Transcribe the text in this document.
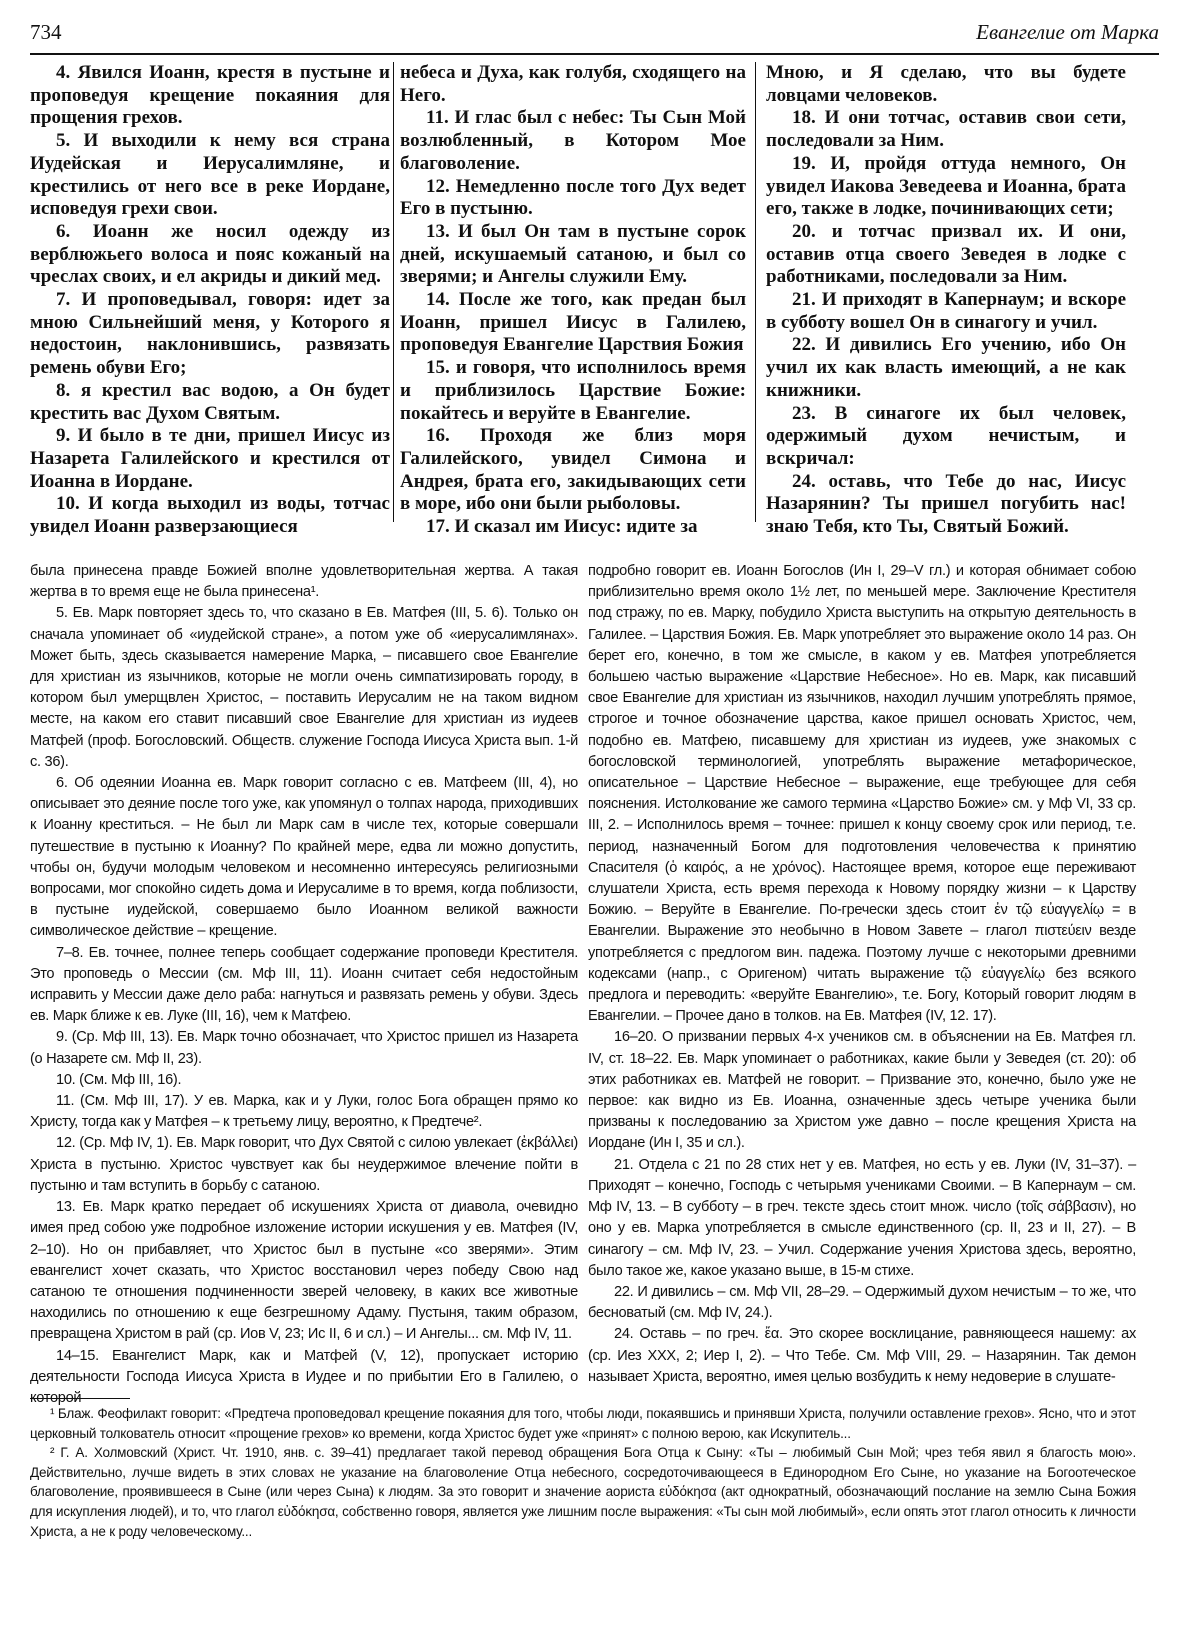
734	Евангелие от Марка

4. Явился Иоанн, крестя в пустыне и проповедуя крещение покаяния для прощения грехов.

5. И выходили к нему вся страна Иудейская и Иерусалимляне, и крестились от него все в реке Иордане, исповедуя грехи свои.

6. Иоанн же носил одежду из верблюжьего волоса и пояс кожаный на чреслах своих, и ел акриды и дикий мед.

7. И проповедывал, говоря: идет за мною Сильнейший меня, у Которого я недостоин, наклонившись, развязать ремень обуви Его;

8. я крестил вас водою, а Он будет крестить вас Духом Святым.

9. И было в те дни, пришел Иисус из Назарета Галилейского и крестился от Иоанна в Иордане.

10. И когда выходил из воды, тотчас увидел Иоанн разверзающиеся

небеса и Духа, как голубя, сходящего на Него.

11. И глас был с небес: Ты Сын Мой возлюбленный, в Котором Мое благоволение.

12. Немедленно после того Дух ведет Его в пустыню.

13. И был Он там в пустыне сорок дней, искушаемый сатаною, и был со зверями; и Ангелы служили Ему.

14. После же того, как предан был Иоанн, пришел Иисус в Галилею, проповедуя Евангелие Царствия Божия

15. и говоря, что исполнилось время и приблизилось Царствие Божие: покайтесь и веруйте в Евангелие.

16. Проходя же близ моря Галилейского, увидел Симона и Андрея, брата его, закидывающих сети в море, ибо они были рыболовы.

17. И сказал им Иисус: идите за

Мною, и Я сделаю, что вы будете ловцами человеков.

18. И они тотчас, оставив свои сети, последовали за Ним.

19. И, пройдя оттуда немного, Он увидел Иакова Зеведеева и Иоанна, брата его, также в лодке, починивающих сети;

20. и тотчас призвал их. И они, оставив отца своего Зеведея в лодке с работниками, последовали за Ним.

21. И приходят в Капернаум; и вскоре в субботу вошел Он в синагогу и учил.

22. И дивились Его учению, ибо Он учил их как власть имеющий, а не как книжники.

23. В синагоге их был человек, одержимый духом нечистым, и вскричал:

24. оставь, что Тебе до нас, Иисус Назарянин? Ты пришел погубить нас! знаю Тебя, кто Ты, Святый Божий.

была принесена правде Божией вполне удовлетворительная жертва. А такая жертва в то время еще не была принесена¹.

5. Ев. Марк повторяет здесь то, что сказано в Ев. Матфея (III, 5. 6). Только он сначала упоминает об «иудейской стране», а потом уже об «иерусалимлянах». Может быть, здесь сказывается намерение Марка, – писавшего свое Евангелие для христиан из язычников, которые не могли очень симпатизировать городу, в котором был умерщвлен Христос, – поставить Иерусалим не на таком видном месте, на каком его ставит писавший свое Евангелие для христиан из иудеев Матфей (проф. Богословский. Обществ. служение Господа Иисуса Христа вып. 1-й с. 36).

6. Об одеянии Иоанна ев. Марк говорит согласно с ев. Матфеем (III, 4), но описывает это деяние после того уже, как упомянул о толпах народа, приходивших к Иоанну креститься. – Не был ли Марк сам в числе тех, которые совершали путешествие в пустыню к Иоанну? По крайней мере, едва ли можно допустить, чтобы он, будучи молодым человеком и несомненно интересуясь религиозными вопросами, мог спокойно сидеть дома и Иерусалиме в то время, когда поблизости, в пустыне иудейской, совершаемо было Иоанном великой важности символическое действие – крещение.

7–8. Ев. точнее, полнее теперь сообщает содержание проповеди Крестителя. Это проповедь о Мессии (см. Мф III, 11). Иоанн считает себя недостойным исправить у Мессии даже дело раба: нагнуться и развязать ремень у обуви. Здесь ев. Марк ближе к ев. Луке (III, 16), чем к Матфею.

9. (Ср. Мф III, 13). Ев. Марк точно обозначает, что Христос пришел из Назарета (о Назарете см. Мф II, 23).

10. (См. Мф III, 16).

11. (См. Мф III, 17). У ев. Марка, как и у Луки, голос Бога обращен прямо ко Христу, тогда как у Матфея – к третьему лицу, вероятно, к Предтече².

12. (Ср. Мф IV, 1). Ев. Марк говорит, что Дух Святой с силою увлекает (ἐκβάλλει) Христа в пустыню. Христос чувствует как бы неудержимое влечение пойти в пустыню и там вступить в борьбу с сатаною.

13. Ев. Марк кратко передает об искушениях Христа от диавола, очевидно имея пред собою уже подробное изложение истории искушения у ев. Матфея (IV, 2–10). Но он прибавляет, что Христос был в пустыне «со зверями». Этим евангелист хочет сказать, что Христос восстановил через победу Свою над сатаною те отношения подчиненности зверей человеку, в каких все животные находились по отношению к еще безгрешному Адаму. Пустыня, таким образом, превращена Христом в рай (ср. Иов V, 23; Ис II, 6 и сл.) – И Ангелы... см. Мф IV, 11.

14–15. Евангелист Марк, как и Матфей (V, 12), пропускает историю деятельности Господа Иисуса Христа в Иудее и по прибытии Его в Галилею, о которой

подробно говорит ев. Иоанн Богослов (Ин I, 29–V гл.) и которая обнимает собою приблизительно время около 1½ лет, по меньшей мере. Заключение Крестителя под стражу, по ев. Марку, побудило Христа выступить на открытую деятельность в Галилее. – Царствия Божия. Ев. Марк употребляет это выражение около 14 раз. Он берет его, конечно, в том же смысле, в каком у ев. Матфея употребляется большею частью выражение «Царствие Небесное». Но ев. Марк, как писавший свое Евангелие для христиан из язычников, находил лучшим употреблять прямое, строгое и точное обозначение царства, какое пришел основать Христос, чем, подобно ев. Матфею, писавшему для христиан из иудеев, уже знакомых с богословской терминологией, употреблять выражение метафорическое, описательное – Царствие Небесное – выражение, еще требующее для себя пояснения. Истолкование же самого термина «Царство Божие» см. у Мф VI, 33 ср. III, 2. – Исполнилось время – точнее: пришел к концу своему срок или период, т.е. период, назначенный Богом для подготовления человечества к принятию Спасителя (ὁ καιρός, а не χρόνος). Настоящее время, которое еще переживают слушатели Христа, есть время перехода к Новому порядку жизни – к Царству Божию. – Веруйте в Евангелие. По-гречески здесь стоит ἐν τῷ εὐαγγελίῳ = в Евангелии. Выражение это необычно в Новом Завете – глагол πιστεύειν везде употребляется с предлогом вин. падежа. Поэтому лучше с некоторыми древними кодексами (напр., с Оригеном) читать выражение τῷ εὐαγγελίῳ без всякого предлога и переводить: «веруйте Евангелию», т.е. Богу, Который говорит людям в Евангелии. – Прочее дано в толков. на Ев. Матфея (IV, 12. 17).

16–20. О призвании первых 4-х учеников см. в объяснении на Ев. Матфея гл. IV, ст. 18–22. Ев. Марк упоминает о работниках, какие были у Зеведея (ст. 20): об этих работниках ев. Матфей не говорит. – Призвание это, конечно, было уже не первое: как видно из Ев. Иоанна, означенные здесь четыре ученика были призваны к последованию за Христом уже давно – после крещения Христа на Иордане (Ин I, 35 и сл.).

21. Отдела с 21 по 28 стих нет у ев. Матфея, но есть у ев. Луки (IV, 31–37). – Приходят – конечно, Господь с четырьмя учениками Своими. – В Капернаум – см. Мф IV, 13. – В субботу – в греч. тексте здесь стоит множ. число (τοῖς σάββασιν), но оно у ев. Марка употребляется в смысле единственного (ср. II, 23 и II, 27). – В синагогу – см. Мф IV, 23. – Учил. Содержание учения Христова здесь, вероятно, было такое же, какое указано выше, в 15-м стихе.

22. И дивились – см. Мф VII, 28–29. – Одержимый духом нечистым – то же, что бесноватый (см. Мф IV, 24.).

24. Оставь – по греч. ἔα. Это скорее восклицание, равняющееся нашему: ах (ср. Иез XXX, 2; Иер I, 2). – Что Тебе. См. Мф VIII, 29. – Назарянин. Так демон называет Христа, вероятно, имея целью возбудить к нему недоверие в слушате-

¹ Блаж. Феофилакт говорит: «Предтеча проповедовал крещение покаяния для того, чтобы люди, покаявшись и принявши Христа, получили оставление грехов». Ясно, что и этот церковный толкователь относит «прощение грехов» ко времени, когда Христос будет уже «принят» с полною верою, как Искупитель...

² Г. А. Холмовский (Христ. Чт. 1910, янв. с. 39–41) предлагает такой перевод обращения Бога Отца к Сыну: «Ты – любимый Сын Мой; чрез тебя явил я благость мою». Действительно, лучше видеть в этих словах не указание на благоволение Отца небесного, сосредоточивающееся в Единородном Его Сыне, но указание на Богоотеческое благоволение, проявившееся в Сыне (или через Сына) к людям. За это говорит и значение аориста εὐδόκησα (акт однократный, обозначающий послание на землю Сына Божия для искупления людей), и то, что глагол εὐδόκησα, собственно говоря, является уже лишним после выражения: «Ты сын мой любимый», если опять этот глагол относить к личности Христа, а не к роду человеческому...
